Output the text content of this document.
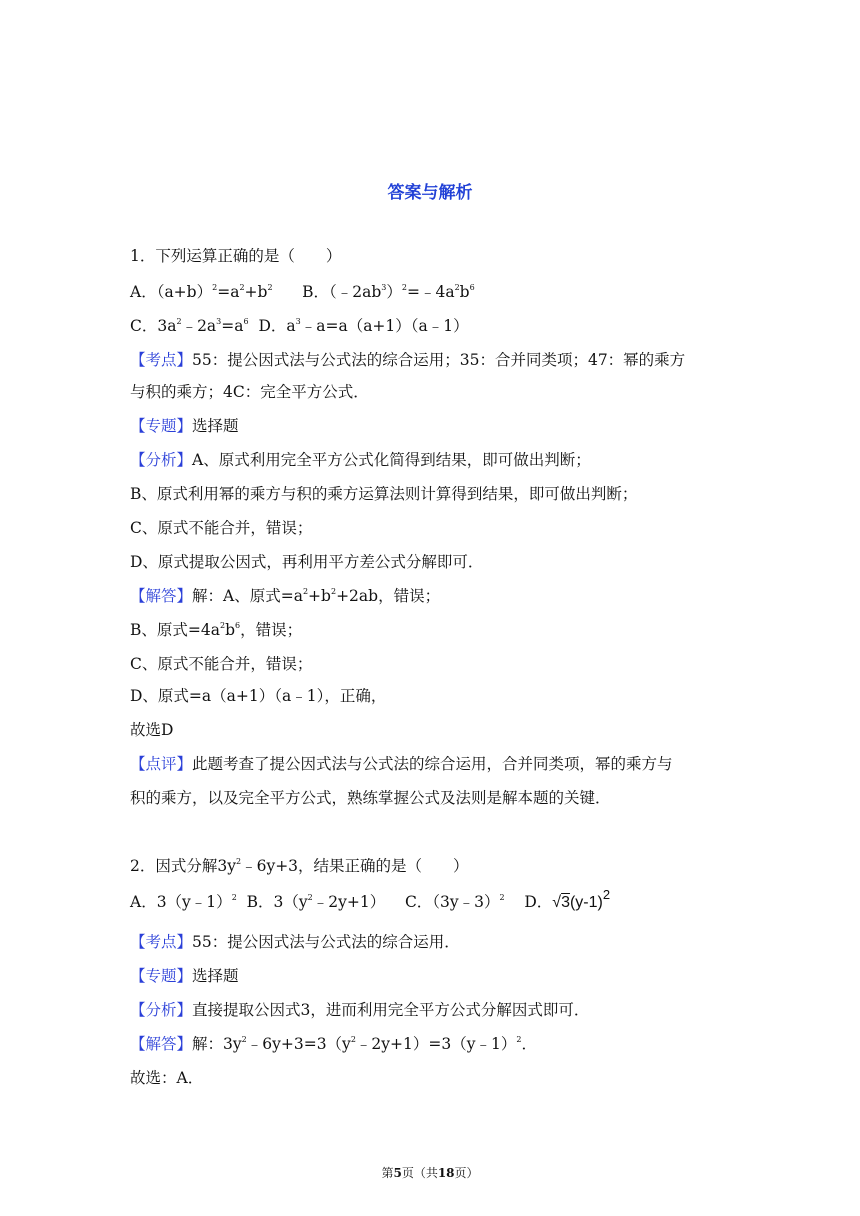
答案与解析
1．下列运算正确的是（　　）
A．$(a+b)^2=a^2+b^2$ B．$(﹣2ab^3)^2=﹣4a^2b^6$
C．$3a^2﹣2a^3=a^6$ D．$a^3﹣a=a(a+1)(a﹣1)$
【考点】55：提公因式法与公式法的综合运用；35：合并同类项；47：幂的乘方
与积的乘方；4C：完全平方公式．
【专题】选择题
【分析】A、原式利用完全平方公式化简得到结果，即可做出判断；
B、原式利用幂的乘方与积的乘方运算法则计算得到结果，即可做出判断；
C、原式不能合并，错误；
D、原式提取公因式，再利用平方差公式分解即可．
【解答】解：A、原式$=a^2+b^2+2ab$，错误；
B、原式$=4a^2b^6$，错误；
C、原式不能合并，错误；
D、原式=a（a+1）（a﹣1），正确，
故选D
【点评】此题考查了提公因式法与公式法的综合运用，合并同类项，幂的乘方与
积的乘方，以及完全平方公式，熟练掌握公式及法则是解本题的关键．
2．因式分解$3y^2﹣6y+3$，结果正确的是（　　）
A．3（y﹣1）$^2$ B．$3(y^2﹣2y+1)$ C．（3y﹣3）$^2$ D．$√3(y-1)^2$
【考点】55：提公因式法与公式法的综合运用．
【专题】选择题
【分析】直接提取公因式3，进而利用完全平方公式分解因式即可．
【解答】解：$3y^2﹣6y+3=3(y^2﹣2y+1)=3(y﹣1)^2$．
故选：A．
第5页（共18页）
